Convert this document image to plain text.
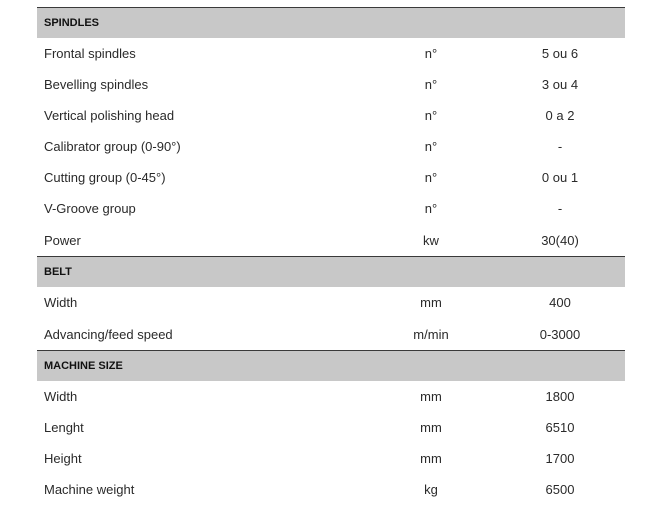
SPINDLES
Frontal spindles	n°	5 ou 6
Bevelling spindles	n°	3 ou 4
Vertical polishing head	n°	0 a 2
Calibrator group (0-90°)	n°	-
Cutting group (0-45°)	n°	0 ou 1
V-Groove group	n°	-
Power	kw	30(40)
BELT
Width	mm	400
Advancing/feed speed	m/min	0-3000
MACHINE SIZE
Width	mm	1800
Lenght	mm	6510
Height	mm	1700
Machine weight	kg	6500
